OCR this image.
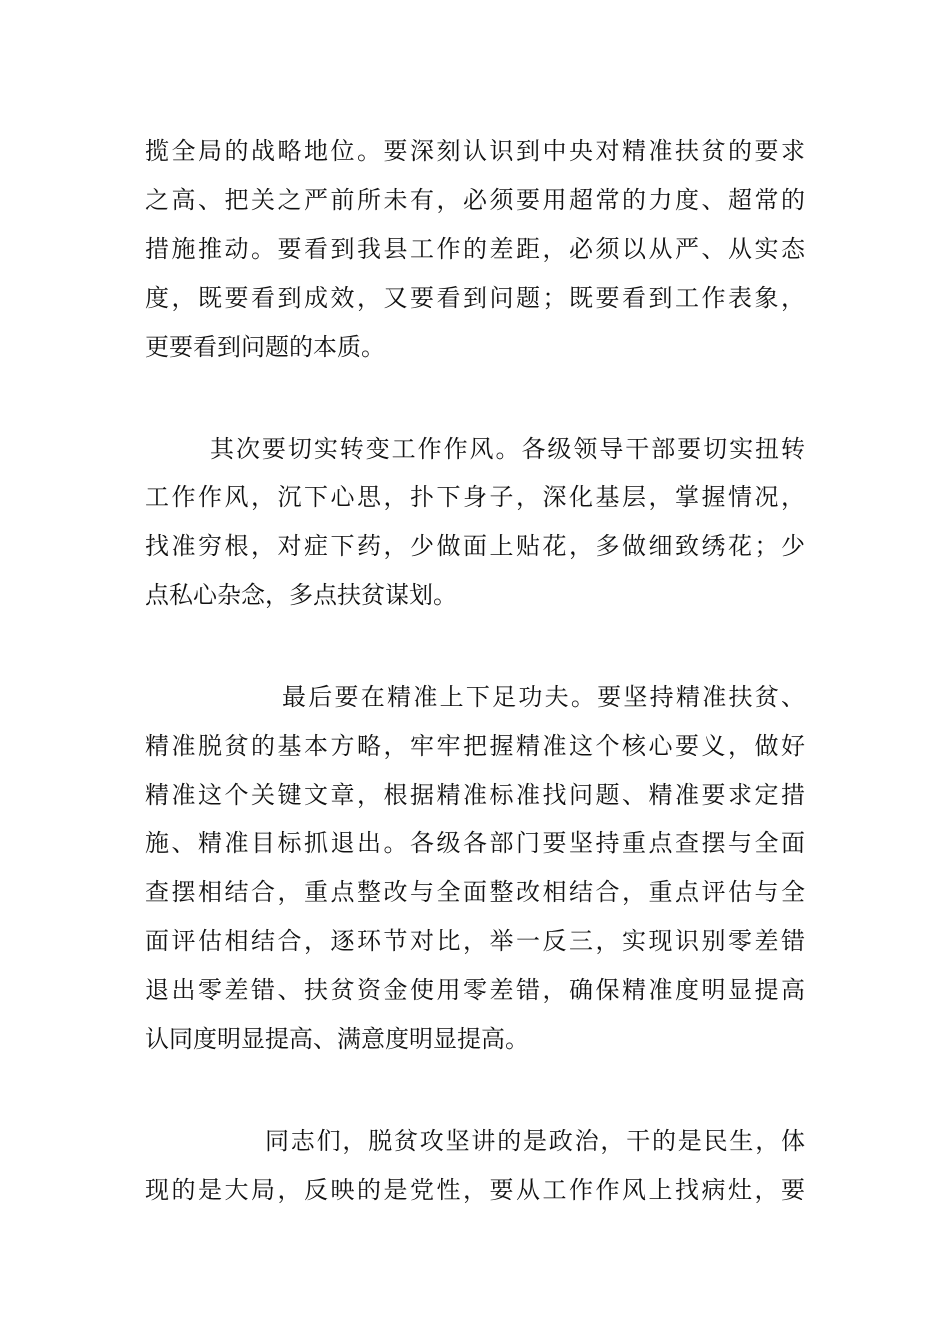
揽全局的战略地位。要深刻认识到中央对精准扶贫的要求
之高、把关之严前所未有，必须要用超常的力度、超常的
措施推动。要看到我县工作的差距，必须以从严、从实态
度，既要看到成效，又要看到问题；既要看到工作表象，
更要看到问题的本质。
其次要切实转变工作作风。各级领导干部要切实扭转
工作作风，沉下心思，扑下身子，深化基层，掌握情况，
找准穷根，对症下药，少做面上贴花，多做细致绣花；少
点私心杂念，多点扶贫谋划。
最后要在精准上下足功夫。要坚持精准扶贫、
精准脱贫的基本方略，牢牢把握精准这个核心要义，做好
精准这个关键文章，根据精准标准找问题、精准要求定措
施、精准目标抓退出。各级各部门要坚持重点查摆与全面
查摆相结合，重点整改与全面整改相结合，重点评估与全
面评估相结合，逐环节对比，举一反三，实现识别零差错
退出零差错、扶贫资金使用零差错，确保精准度明显提高
认同度明显提高、满意度明显提高。
同志们，脱贫攻坚讲的是政治，干的是民生，体
现的是大局，反映的是党性，要从工作作风上找病灶，要
